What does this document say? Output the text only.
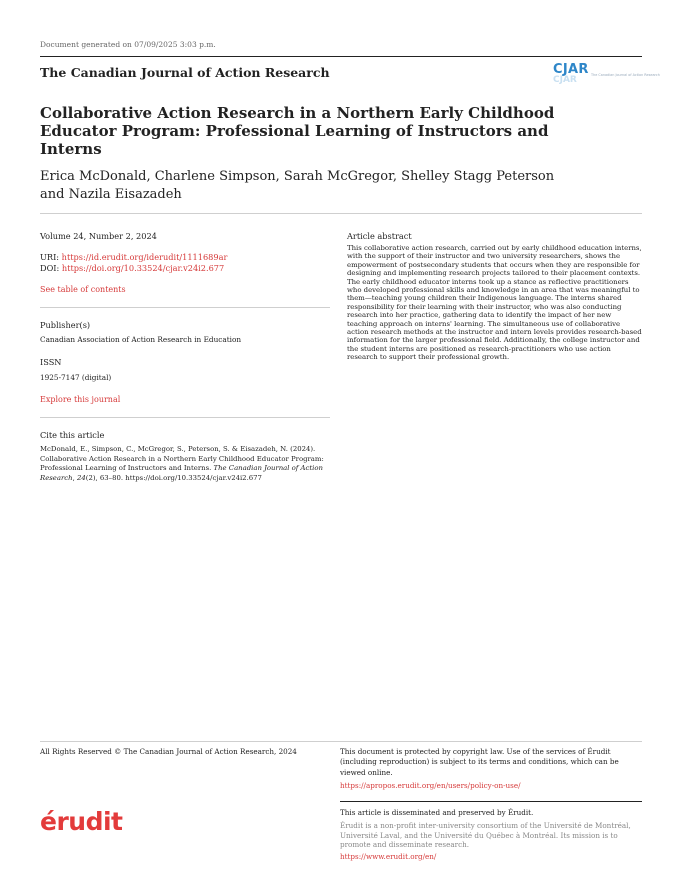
Document generated on 07/09/2025 3:03 p.m.
The Canadian Journal of Action Research	CJAR
CJAR	The Canadian Journal of Action Research
Collaborative Action Research in a Northern Early Childhood Educator Program: Professional Learning of Instructors and Interns
Erica McDonald, Charlene Simpson, Sarah McGregor, Shelley Stagg Peterson and Nazila Eisazadeh
Volume 24, Number 2, 2024
URI: https://id.erudit.org/iderudit/1111689ar
DOI: https://doi.org/10.33524/cjar.v24i2.677
See table of contents
Publisher(s)
Canadian Association of Action Research in Education
ISSN
1925-7147 (digital)
Explore this journal
Cite this article
McDonald, E., Simpson, C., McGregor, S., Peterson, S. & Eisazadeh, N. (2024). Collaborative Action Research in a Northern Early Childhood Educator Program: Professional Learning of Instructors and Interns. The Canadian Journal of Action Research, 24(2), 63–80. https://doi.org/10.33524/cjar.v24i2.677
Article abstract
This collaborative action research, carried out by early childhood education interns, with the support of their instructor and two university researchers, shows the empowerment of postsecondary students that occurs when they are responsible for designing and implementing research projects tailored to their placement contexts. The early childhood educator interns took up a stance as reflective practitioners who developed professional skills and knowledge in an area that was meaningful to them—teaching young children their Indigenous language. The interns shared responsibility for their learning with their instructor, who was also conducting research into her practice, gathering data to identify the impact of her new teaching approach on interns' learning. The simultaneous use of collaborative action research methods at the instructor and intern levels provides research-based information for the larger professional field. Additionally, the college instructor and the student interns are positioned as research-practitioners who use action research to support their professional growth.
All Rights Reserved © The Canadian Journal of Action Research, 2024	This document is protected by copyright law. Use of the services of Érudit (including reproduction) is subject to its terms and conditions, which can be viewed online.
https://apropos.erudit.org/en/users/policy-on-use/
érudit	This article is disseminated and preserved by Érudit.
Érudit is a non-profit inter-university consortium of the Université de Montréal, Université Laval, and the Université du Québec à Montréal. Its mission is to promote and disseminate research.
https://www.erudit.org/en/
